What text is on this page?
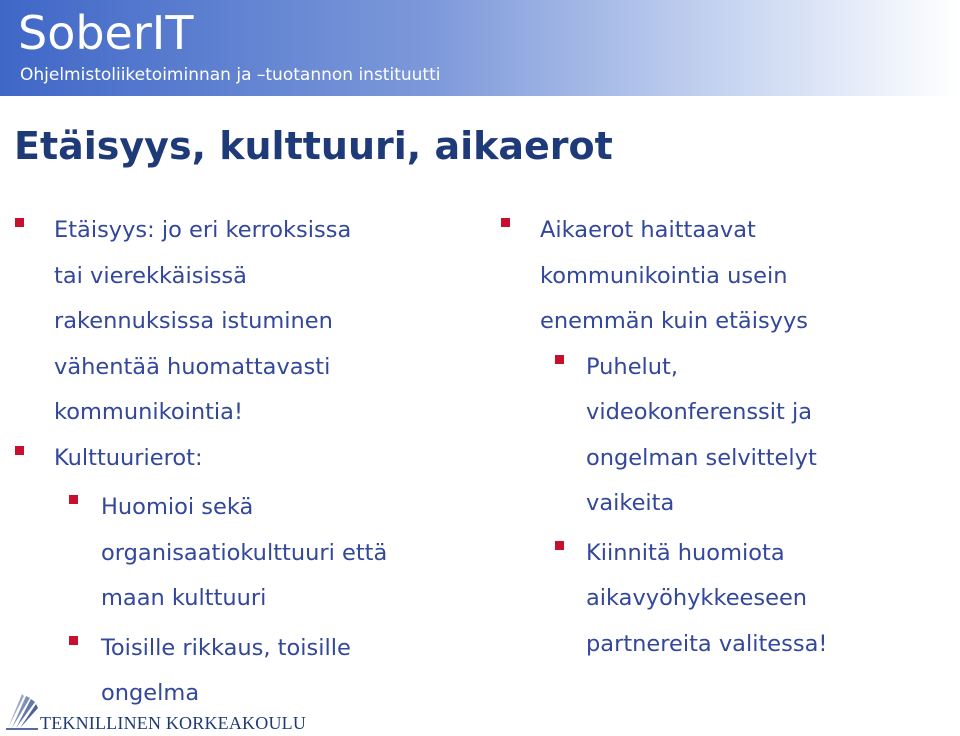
SoberIT
Ohjelmistoliiketoiminnan ja –tuotannon instituutti
Etäisyys, kulttuuri, aikaerot
Etäisyys: jo eri kerroksissa
tai vierekkäisissä
rakennuksissa istuminen
vähentää huomattavasti
kommunikointia!
Kulttuurierot:
Huomioi sekä
organisaatiokulttuuri että
maan kulttuuri
Toisille rikkaus, toisille
ongelma
Aikaerot haittaavat
kommunikointia usein
enemmän kuin etäisyys
Puhelut,
videokonferenssit ja
ongelman selvittelyt
vaikeita
Kiinnitä huomiota
aikavyöhykkeeseen
partnereita valitessa!
TEKNILLINEN KORKEAKOULU
